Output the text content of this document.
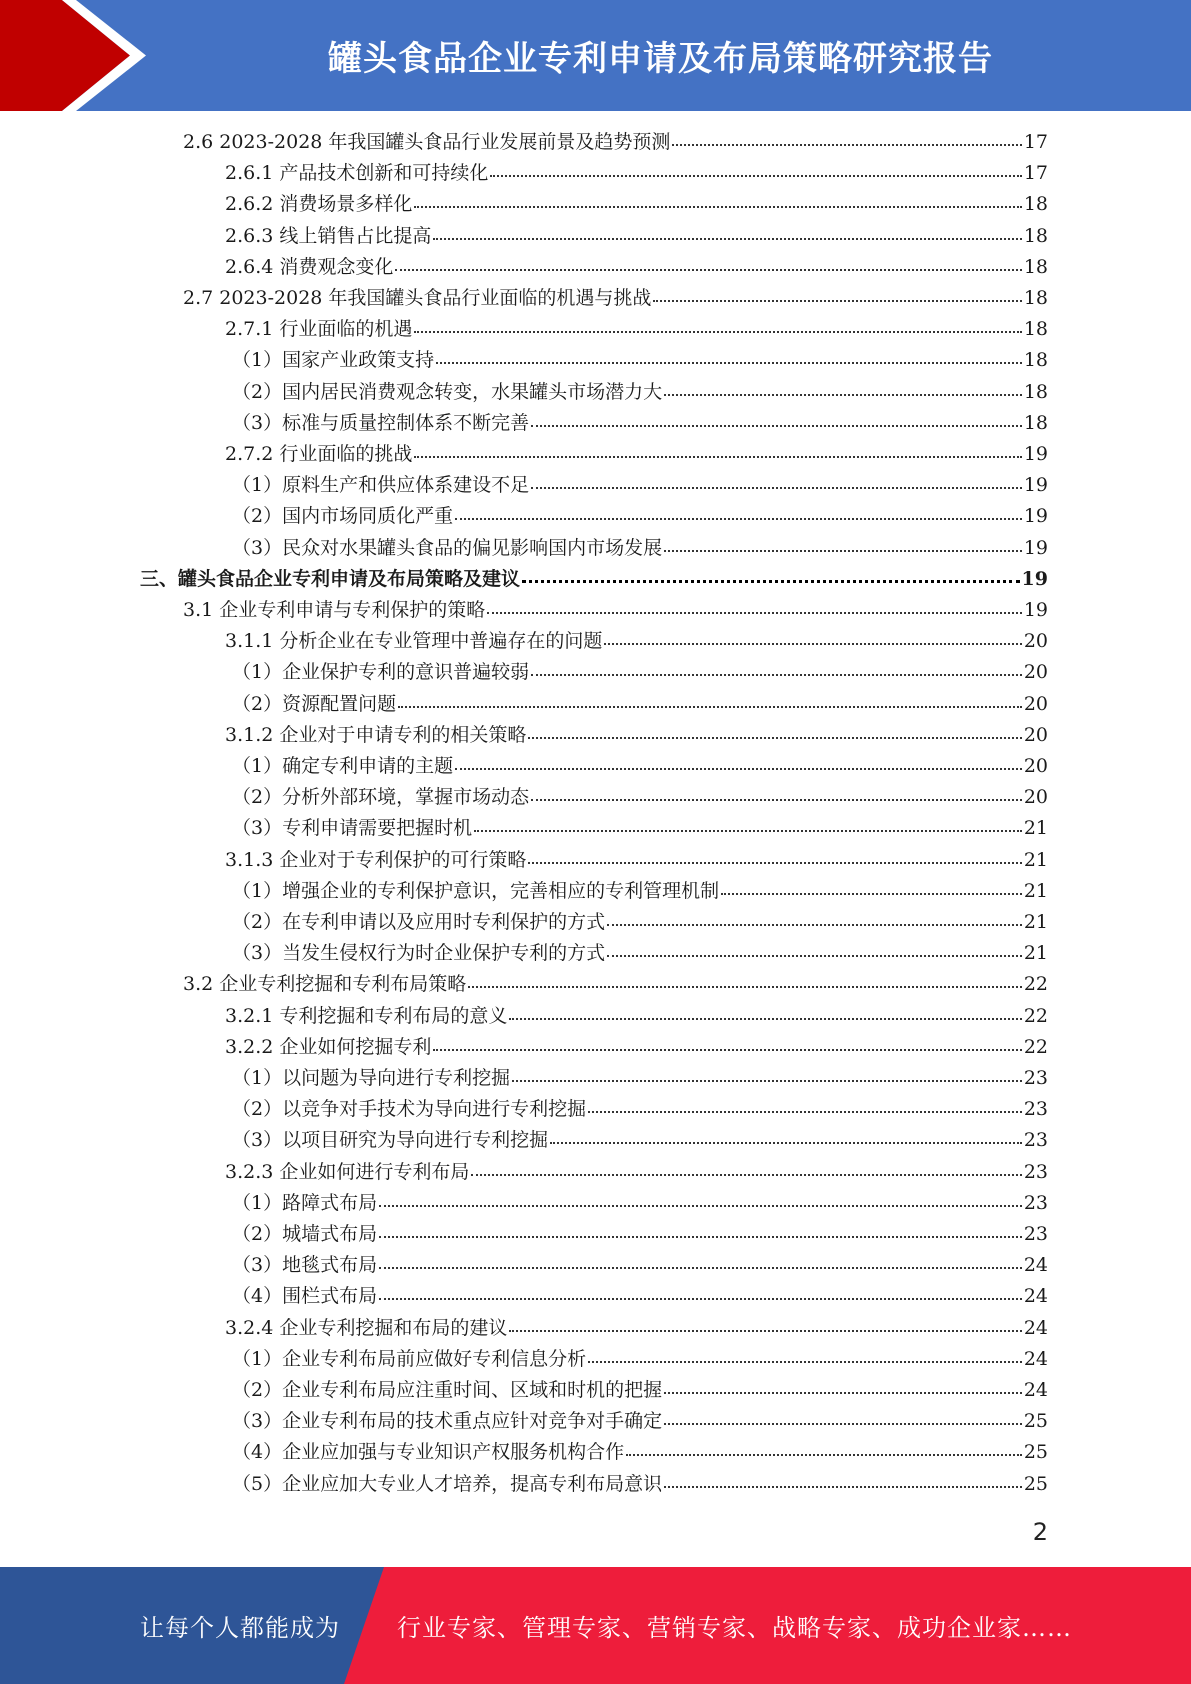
罐头食品企业专利申请及布局策略研究报告
2.6 2023-2028 年我国罐头食品行业发展前景及趋势预测	17
2.6.1 产品技术创新和可持续化	17
2.6.2 消费场景多样化	18
2.6.3 线上销售占比提高	18
2.6.4 消费观念变化	18
2.7 2023-2028 年我国罐头食品行业面临的机遇与挑战	18
2.7.1 行业面临的机遇	18
（1）国家产业政策支持	18
（2）国内居民消费观念转变，水果罐头市场潜力大	18
（3）标准与质量控制体系不断完善	18
2.7.2 行业面临的挑战	19
（1）原料生产和供应体系建设不足	19
（2）国内市场同质化严重	19
（3）民众对水果罐头食品的偏见影响国内市场发展	19
三、罐头食品企业专利申请及布局策略及建议	19
3.1 企业专利申请与专利保护的策略	19
3.1.1 分析企业在专业管理中普遍存在的问题	20
（1）企业保护专利的意识普遍较弱	20
（2）资源配置问题	20
3.1.2 企业对于申请专利的相关策略	20
（1）确定专利申请的主题	20
（2）分析外部环境，掌握市场动态	20
（3）专利申请需要把握时机	21
3.1.3 企业对于专利保护的可行策略	21
（1）增强企业的专利保护意识，完善相应的专利管理机制	21
（2）在专利申请以及应用时专利保护的方式	21
（3）当发生侵权行为时企业保护专利的方式	21
3.2 企业专利挖掘和专利布局策略	22
3.2.1 专利挖掘和专利布局的意义	22
3.2.2 企业如何挖掘专利	22
（1）以问题为导向进行专利挖掘	23
（2）以竞争对手技术为导向进行专利挖掘	23
（3）以项目研究为导向进行专利挖掘	23
3.2.3 企业如何进行专利布局	23
（1）路障式布局	23
（2）城墙式布局	23
（3）地毯式布局	24
（4）围栏式布局	24
3.2.4 企业专利挖掘和布局的建议	24
（1）企业专利布局前应做好专利信息分析	24
（2）企业专利布局应注重时间、区域和时机的把握	24
（3）企业专利布局的技术重点应针对竞争对手确定	25
（4）企业应加强与专业知识产权服务机构合作	25
（5）企业应加大专业人才培养，提高专利布局意识	25
2
让每个人都能成为 行业专家、管理专家、营销专家、战略专家、成功企业家……
